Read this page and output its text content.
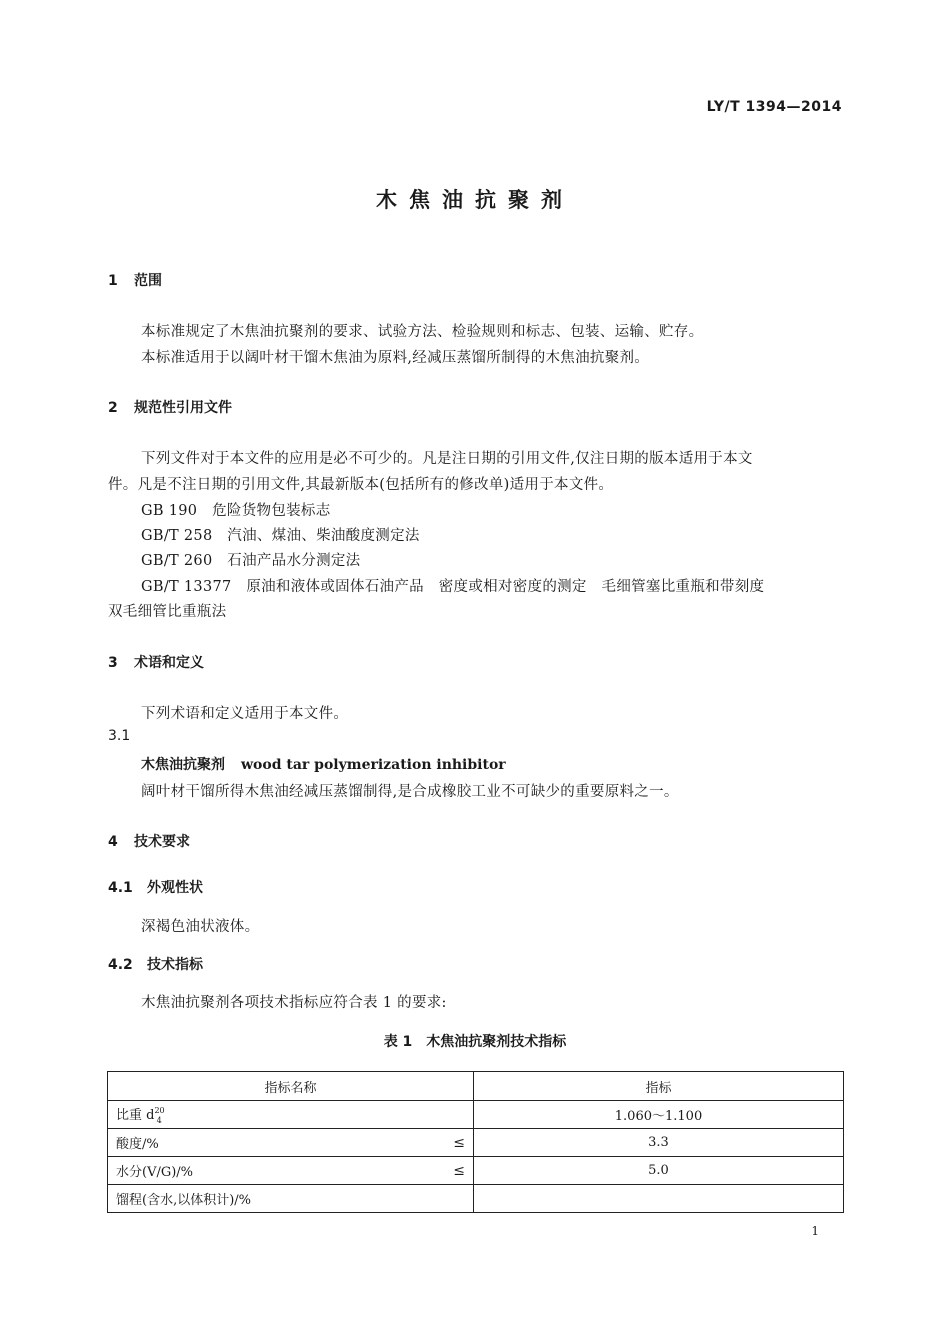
LY/T 1394—2014
木焦油抗聚剂
1 范围
本标准规定了木焦油抗聚剂的要求、试验方法、检验规则和标志、包装、运输、贮存。
本标准适用于以阔叶材干馏木焦油为原料,经减压蒸馏所制得的木焦油抗聚剂。
2 规范性引用文件
下列文件对于本文件的应用是必不可少的。凡是注日期的引用文件,仅注日期的版本适用于本文
件。凡是不注日期的引用文件,其最新版本(包括所有的修改单)适用于本文件。
GB 190　危险货物包装标志
GB/T 258　汽油、煤油、柴油酸度测定法
GB/T 260　石油产品水分测定法
GB/T 13377　原油和液体或固体石油产品　密度或相对密度的测定　毛细管塞比重瓶和带刻度
双毛细管比重瓶法
3 术语和定义
下列术语和定义适用于本文件。
3.1
木焦油抗聚剂 wood tar polymerization inhibitor
阔叶材干馏所得木焦油经减压蒸馏制得,是合成橡胶工业不可缺少的重要原料之一。
4 技术要求
4.1 外观性状
深褐色油状液体。
4.2 技术指标
木焦油抗聚剂各项技术指标应符合表 1 的要求:
表 1　木焦油抗聚剂技术指标
指标名称	指标
比重 $d^{20}_4$	1.060～1.100
酸度/% ≤	3.3
水分(V/G)/% ≤	5.0
馏程(含水,以体积计)/%

1
